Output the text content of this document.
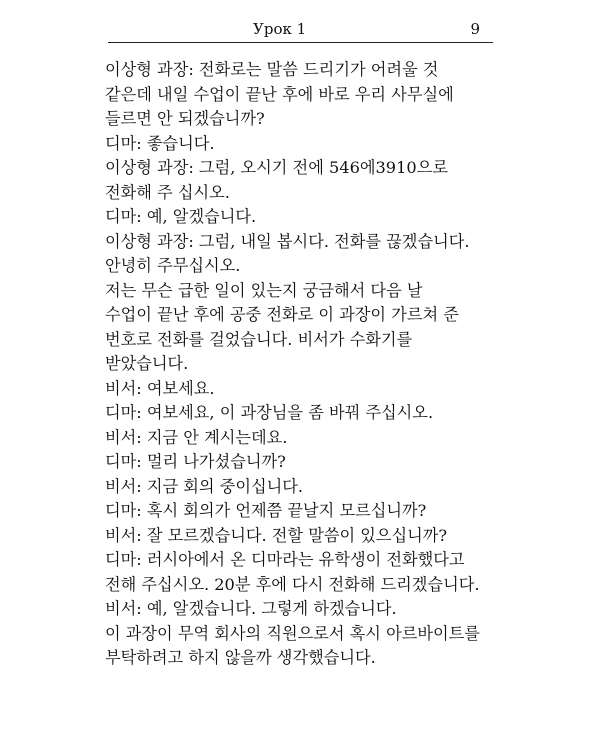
Урок 1	9
이상형 과장: 전화로는 말씀 드리기가 어려울 것
같은데 내일 수업이 끝난 후에 바로 우리 사무실에
들르면 안 되겠습니까?
디마: 좋습니다.
이상형 과장: 그럼, 오시기 전에 546에3910으로
전화해 주 십시오.
디마: 예, 알겠습니다.
이상형 과장: 그럼, 내일 봅시다. 전화를 끊겠습니다.
안녕히 주무십시오.
저는 무슨 급한 일이 있는지 궁금해서 다음 날
수업이 끝난 후에 공중 전화로 이 과장이 가르쳐 준
번호로 전화를 걸었습니다. 비서가 수화기를
받았습니다.
비서: 여보세요.
디마: 여보세요, 이 과장님을 좀 바꿔 주십시오.
비서: 지금 안 계시는데요.
디마: 멀리 나가셨습니까?
비서: 지금 회의 중이십니다.
디마: 혹시 회의가 언제쯤 끝날지 모르십니까?
비서: 잘 모르겠습니다. 전할 말씀이 있으십니까?
디마: 러시아에서 온 디마라는 유학생이 전화했다고
전해 주십시오. 20분 후에 다시 전화해 드리겠습니다.
비서: 예, 알겠습니다. 그렇게 하겠습니다.
이 과장이 무역 회사의 직원으로서 혹시 아르바이트를
부탁하려고 하지 않을까 생각했습니다.
